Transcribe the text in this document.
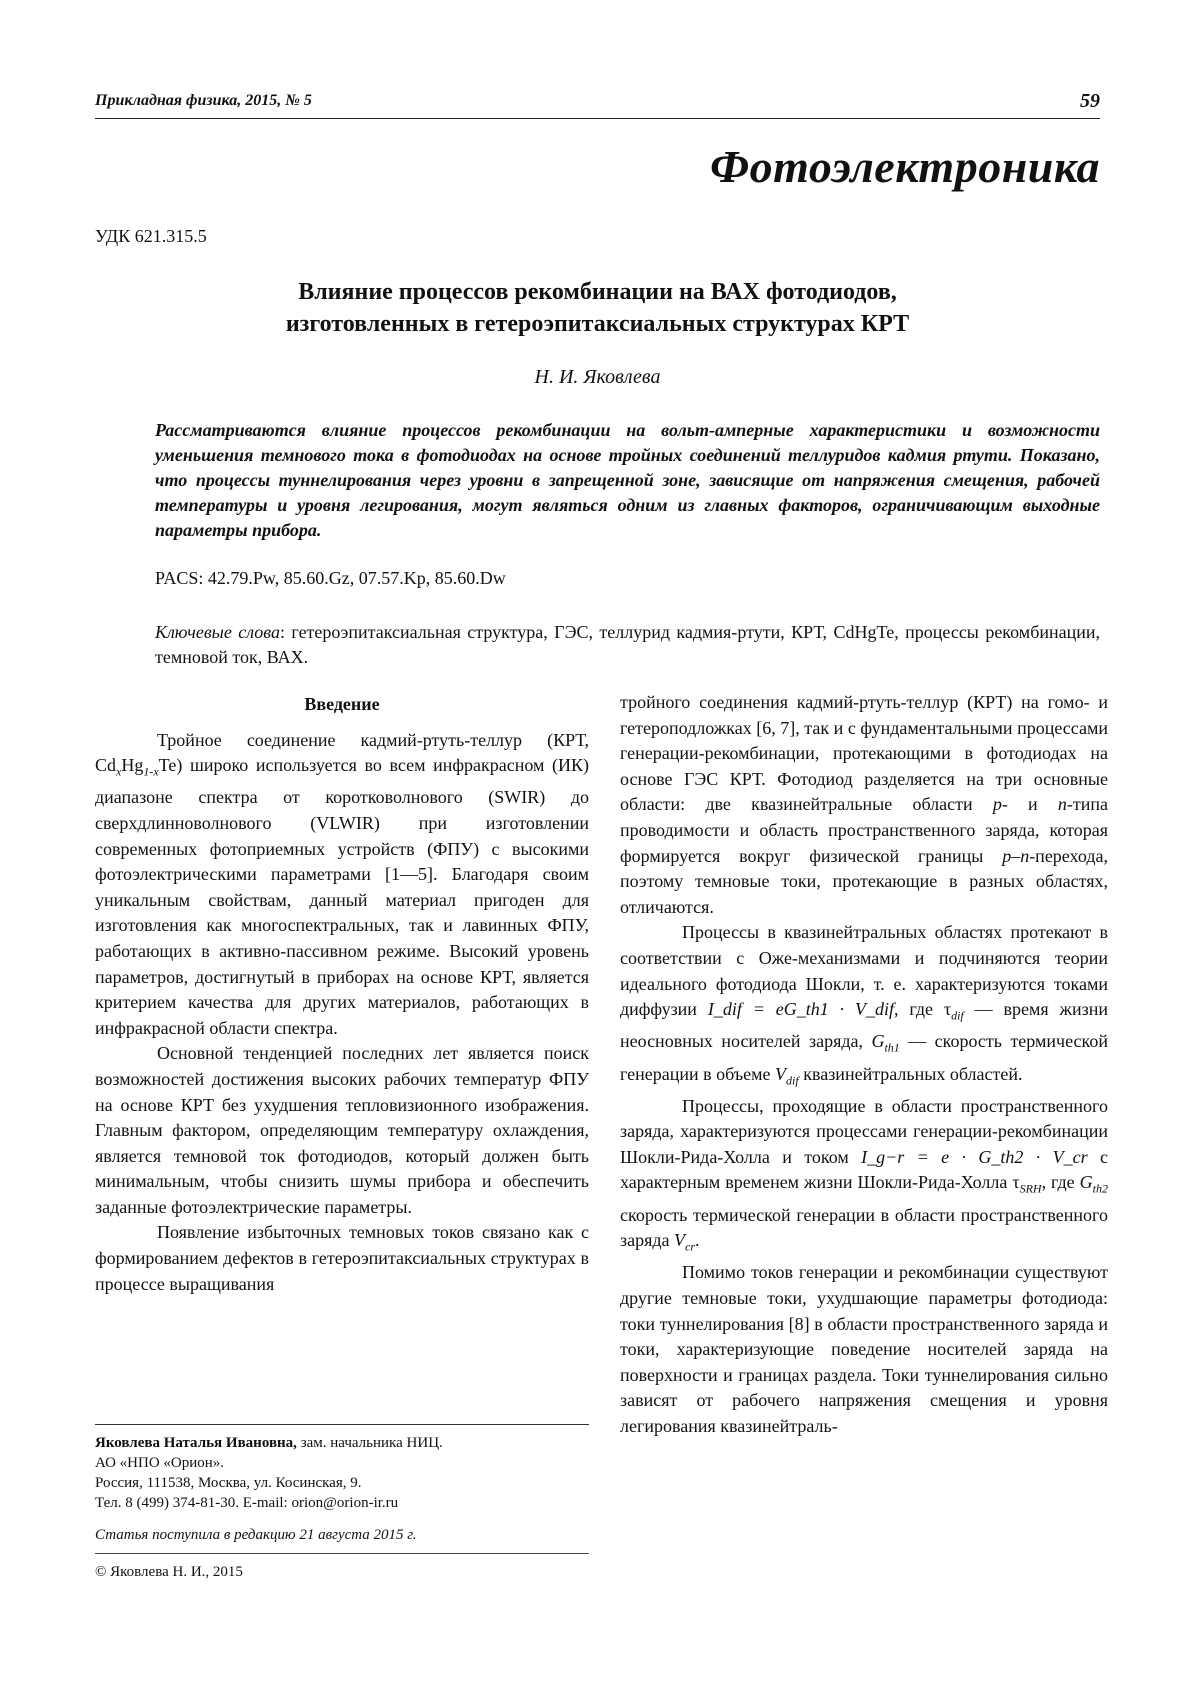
Прикладная физика, 2015, № 5	59
Фотоэлектроника
УДК 621.315.5
Влияние процессов рекомбинации на ВАХ фотодиодов,
изготовленных в гетероэпитаксиальных структурах КРТ
Н. И. Яковлева
Рассматриваются влияние процессов рекомбинации на вольт-амперные характеристики и возможности уменьшения темнового тока в фотодиодах на основе тройных соединений теллуридов кадмия ртути. Показано, что процессы туннелирования через уровни в запрещенной зоне, зависящие от напряжения смещения, рабочей температуры и уровня легирования, могут являться одним из главных факторов, ограничивающим выходные параметры прибора.
PACS: 42.79.Pw, 85.60.Gz, 07.57.Kp, 85.60.Dw
Ключевые слова: гетероэпитаксиальная структура, ГЭС, теллурид кадмия-ртути, КРТ, CdHgTe, процессы рекомбинации, темновой ток, ВАХ.
Введение

Тройное соединение кадмий-ртуть-теллур (КРТ, $Cd_xHg_{1-x}Te$) широко используется во всем инфракрасном (ИК) диапазоне спектра от коротковолнового (SWIR) до сверхдлинноволнового (VLWIR) при изготовлении современных фотоприемных устройств (ФПУ) с высокими фотоэлектрическими параметрами [1—5]. Благодаря своим уникальным свойствам, данный материал пригоден для изготовления как многоспектральных, так и лавинных ФПУ, работающих в активно-пассивном режиме. Высокий уровень параметров, достигнутый в приборах на основе КРТ, является критерием качества для других материалов, работающих в инфракрасной области спектра.

Основной тенденцией последних лет является поиск возможностей достижения высоких рабочих температур ФПУ на основе КРТ без ухудшения тепловизионного изображения. Главным фактором, определяющим температуру охлаждения, является темновой ток фотодиодов, который должен быть минимальным, чтобы снизить шумы прибора и обеспечить заданные фотоэлектрические параметры.

Появление избыточных темновых токов связано как с формированием дефектов в гетероэпитаксиальных структурах в процессе выращивания

тройного соединения кадмий-ртуть-теллур (КРТ) на гомо- и гетероподложках [6, 7], так и с фундаментальными процессами генерации-рекомбинации, протекающими в фотодиодах на основе ГЭС КРТ. Фотодиод разделяется на три основные области: две квазинейтральные области p- и n-типа проводимости и область пространственного заряда, которая формируется вокруг физической границы p–n-перехода, поэтому темновые токи, протекающие в разных областях, отличаются.

Процессы в квазинейтральных областях протекают в соответствии с Оже-механизмами и подчиняются теории идеального фотодиода Шокли, т. е. характеризуются токами диффузии I_dif = eG_th1 · V_dif, где $\tau_{dif}$ — время жизни неосновных носителей заряда, $G_{th1}$ — скорость термической генерации в объеме $V_{dif}$ квазинейтральных областей.

Процессы, проходящие в области пространственного заряда, характеризуются процессами генерации-рекомбинации Шокли-Рида-Холла и током I_g−r = e · G_th2 · V_cr с характерным временем жизни Шокли-Рида-Холла $\tau_{SRH}$, где $G_{th2}$ скорость термической генерации в области пространственного заряда $V_{cr}$.

Помимо токов генерации и рекомбинации существуют другие темновые токи, ухудшающие параметры фотодиода: токи туннелирования [8] в области пространственного заряда и токи, характеризующие поведение носителей заряда на поверхности и границах раздела. Токи туннелирования сильно зависят от рабочего напряжения смещения и уровня легирования квазинейтраль-

Яковлева Наталья Ивановна, зам. начальника НИЦ.
АО «НПО «Орион».
Россия, 111538, Москва, ул. Косинская, 9.
Тел. 8 (499) 374-81-30. E-mail: orion@orion-ir.ru
Статья поступила в редакцию 21 августа 2015 г.
© Яковлева Н. И., 2015
